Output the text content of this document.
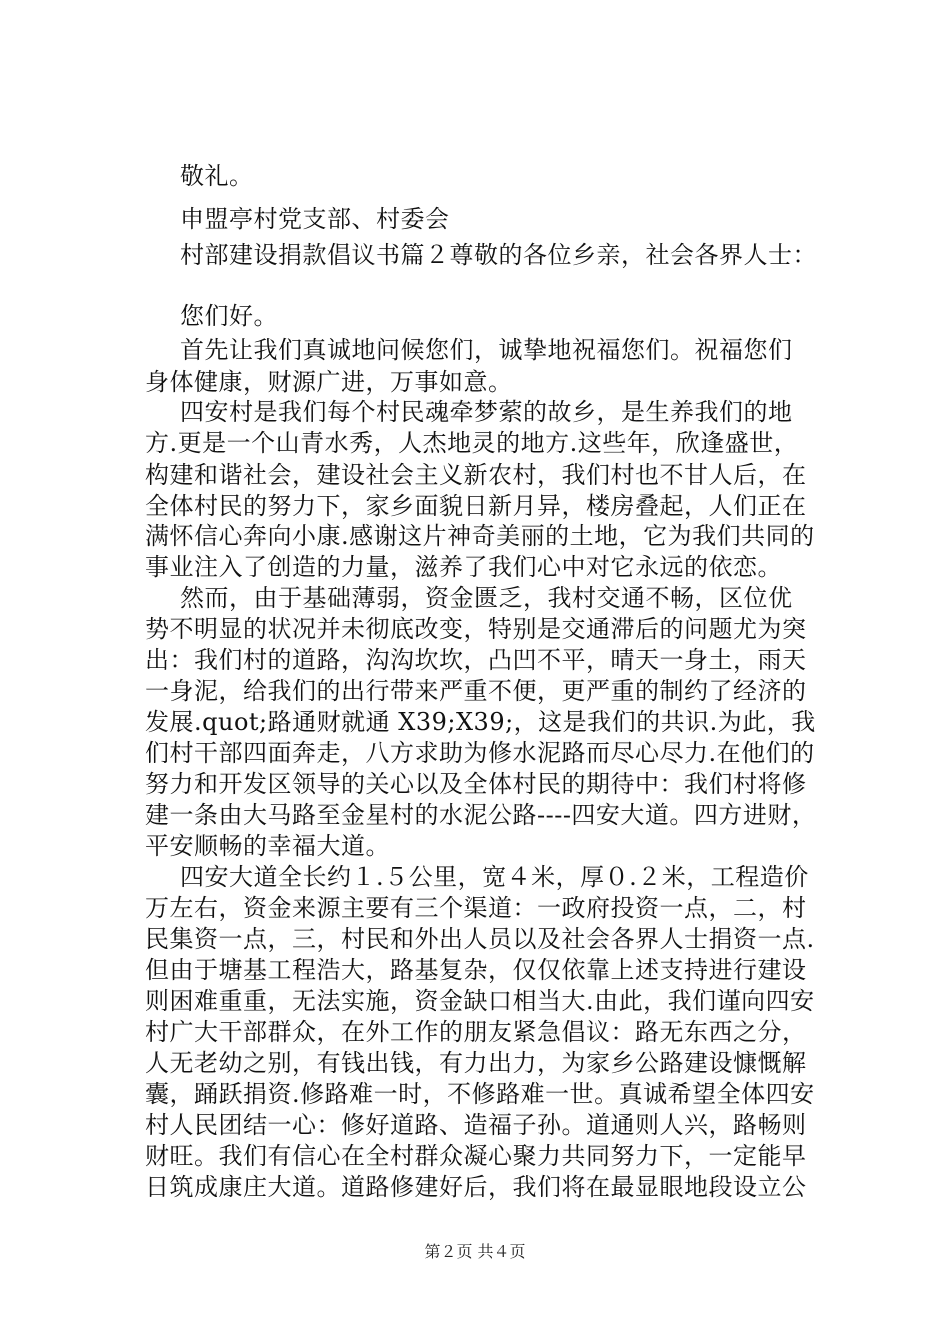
敬礼。
申盟亭村党支部、村委会
村部建设捐款倡议书篇２尊敬的各位乡亲，社会各界人士：
您们好。
首先让我们真诚地问候您们，诚挚地祝福您们。祝福您们
身体健康，财源广进，万事如意。
四安村是我们每个村民魂牵梦萦的故乡，是生养我们的地
方.更是一个山青水秀，人杰地灵的地方.这些年，欣逢盛世，
构建和谐社会，建设社会主义新农村，我们村也不甘人后，在
全体村民的努力下，家乡面貌日新月异，楼房叠起，人们正在
满怀信心奔向小康.感谢这片神奇美丽的土地，它为我们共同的
事业注入了创造的力量，滋养了我们心中对它永远的依恋。
然而，由于基础薄弱，资金匮乏，我村交通不畅，区位优
势不明显的状况并未彻底改变，特别是交通滞后的问题尤为突
出：我们村的道路，沟沟坎坎，凸凹不平，晴天一身土，雨天
一身泥，给我们的出行带来严重不便，更严重的制约了经济的
发展.quot;路通财就通 X39;X39;，这是我们的共识.为此，我
们村干部四面奔走，八方求助为修水泥路而尽心尽力.在他们的
努力和开发区领导的关心以及全体村民的期待中：我们村将修
建一条由大马路至金星村的水泥公路----四安大道。四方进财，
平安顺畅的幸福大道。
四安大道全长约１.５公里，宽４米，厚０.２米，工程造价
万左右，资金来源主要有三个渠道：一政府投资一点，二，村
民集资一点，三，村民和外出人员以及社会各界人士捐资一点.
但由于塘基工程浩大，路基复杂，仅仅依靠上述支持进行建设
则困难重重，无法实施，资金缺口相当大.由此，我们谨向四安
村广大干部群众，在外工作的朋友紧急倡议：路无东西之分，
人无老幼之别，有钱出钱，有力出力，为家乡公路建设慷慨解
囊，踊跃捐资.修路难一时，不修路难一世。真诚希望全体四安
村人民团结一心：修好道路、造福子孙。道通则人兴，路畅则
财旺。我们有信心在全村群众凝心聚力共同努力下，一定能早
日筑成康庄大道。道路修建好后，我们将在最显眼地段设立公
第２页 共４页
